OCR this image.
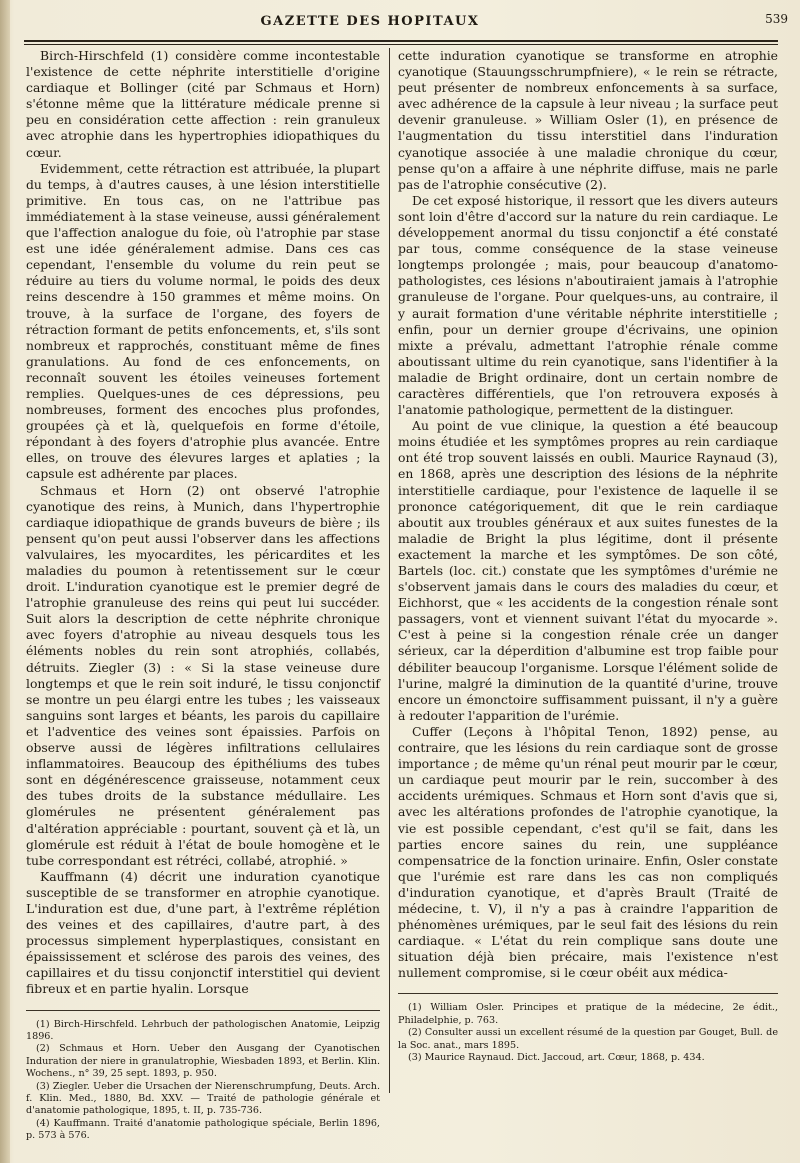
GAZETTE DES HOPITAUX	539

Birch-Hirschfeld (1) considère comme incontestable l'existence de cette néphrite interstitielle d'origine cardiaque et Bollinger (cité par Schmaus et Horn) s'étonne même que la littérature médicale prenne si peu en considération cette affection : rein granuleux avec atrophie dans les hypertrophies idiopathiques du cœur.

Evidemment, cette rétraction est attribuée, la plupart du temps, à d'autres causes, à une lésion interstitielle primitive. En tous cas, on ne l'attribue pas immédiatement à la stase veineuse, aussi généralement que l'affection analogue du foie, où l'atrophie par stase est une idée généralement admise. Dans ces cas cependant, l'ensemble du volume du rein peut se réduire au tiers du volume normal, le poids des deux reins descendre à 150 grammes et même moins. On trouve, à la surface de l'organe, des foyers de rétraction formant de petits enfoncements, et, s'ils sont nombreux et rapprochés, constituant même de fines granulations. Au fond de ces enfoncements, on reconnaît souvent les étoiles veineuses fortement remplies. Quelques-unes de ces dépressions, peu nombreuses, forment des encoches plus profondes, groupées çà et là, quelquefois en forme d'étoile, répondant à des foyers d'atrophie plus avancée. Entre elles, on trouve des élevures larges et aplaties ; la capsule est adhérente par places.

Schmaus et Horn (2) ont observé l'atrophie cyanotique des reins, à Munich, dans l'hypertrophie cardiaque idiopathique de grands buveurs de bière ; ils pensent qu'on peut aussi l'observer dans les affections valvulaires, les myocardites, les péricardites et les maladies du poumon à retentissement sur le cœur droit. L'induration cyanotique est le premier degré de l'atrophie granuleuse des reins qui peut lui succéder. Suit alors la description de cette néphrite chronique avec foyers d'atrophie au niveau desquels tous les éléments nobles du rein sont atrophiés, collabés, détruits. Ziegler (3) : « Si la stase veineuse dure longtemps et que le rein soit induré, le tissu conjonctif se montre un peu élargi entre les tubes ; les vaisseaux sanguins sont larges et béants, les parois du capillaire et l'adventice des veines sont épaissies. Parfois on observe aussi de légères infiltrations cellulaires inflammatoires. Beaucoup des épithéliums des tubes sont en dégénérescence graisseuse, notamment ceux des tubes droits de la substance médullaire. Les glomérules ne présentent généralement pas d'altération appréciable : pourtant, souvent çà et là, un glomérule est réduit à l'état de boule homogène et le tube correspondant est rétréci, collabé, atrophié. »

Kauffmann (4) décrit une induration cyanotique susceptible de se transformer en atrophie cyanotique. L'induration est due, d'une part, à l'extrême réplétion des veines et des capillaires, d'autre part, à des processus simplement hyperplastiques, consistant en épaississement et sclérose des parois des veines, des capillaires et du tissu conjonctif interstitiel qui devient fibreux et en partie hyalin. Lorsque

(1) Birch-Hirschfeld. Lehrbuch der pathologischen Anatomie, Leipzig 1896.

(2) Schmaus et Horn. Ueber den Ausgang der Cyanotischen Induration der niere in granulatrophie, Wiesbaden 1893, et Berlin. Klin. Wochens., n° 39, 25 sept. 1893, p. 950.

(3) Ziegler. Ueber die Ursachen der Nierenschrumpfung, Deuts. Arch. f. Klin. Med., 1880, Bd. XXV. — Traité de pathologie générale et d'anatomie pathologique, 1895, t. II, p. 735-736.

(4) Kauffmann. Traité d'anatomie pathologique spéciale, Berlin 1896, p. 573 à 576.

cette induration cyanotique se transforme en atrophie cyanotique (Stauungsschrumpfniere), « le rein se rétracte, peut présenter de nombreux enfoncements à sa surface, avec adhérence de la capsule à leur niveau ; la surface peut devenir granuleuse. » William Osler (1), en présence de l'augmentation du tissu interstitiel dans l'induration cyanotique associée à une maladie chronique du cœur, pense qu'on a affaire à une néphrite diffuse, mais ne parle pas de l'atrophie consécutive (2).

De cet exposé historique, il ressort que les divers auteurs sont loin d'être d'accord sur la nature du rein cardiaque. Le développement anormal du tissu conjonctif a été constaté par tous, comme conséquence de la stase veineuse longtemps prolongée ; mais, pour beaucoup d'anatomo-pathologistes, ces lésions n'aboutiraient jamais à l'atrophie granuleuse de l'organe. Pour quelques-uns, au contraire, il y aurait formation d'une véritable néphrite interstitielle ; enfin, pour un dernier groupe d'écrivains, une opinion mixte a prévalu, admettant l'atrophie rénale comme aboutissant ultime du rein cyanotique, sans l'identifier à la maladie de Bright ordinaire, dont un certain nombre de caractères différentiels, que l'on retrouvera exposés à l'anatomie pathologique, permettent de la distinguer.

Au point de vue clinique, la question a été beaucoup moins étudiée et les symptômes propres au rein cardiaque ont été trop souvent laissés en oubli. Maurice Raynaud (3), en 1868, après une description des lésions de la néphrite interstitielle cardiaque, pour l'existence de laquelle il se prononce catégoriquement, dit que le rein cardiaque aboutit aux troubles généraux et aux suites funestes de la maladie de Bright la plus légitime, dont il présente exactement la marche et les symptômes. De son côté, Bartels (loc. cit.) constate que les symptômes d'urémie ne s'observent jamais dans le cours des maladies du cœur, et Eichhorst, que « les accidents de la congestion rénale sont passagers, vont et viennent suivant l'état du myocarde ». C'est à peine si la congestion rénale crée un danger sérieux, car la déperdition d'albumine est trop faible pour débiliter beaucoup l'organisme. Lorsque l'élément solide de l'urine, malgré la diminution de la quantité d'urine, trouve encore un émonctoire suffisamment puissant, il n'y a guère à redouter l'apparition de l'urémie.

Cuffer (Leçons à l'hôpital Tenon, 1892) pense, au contraire, que les lésions du rein cardiaque sont de grosse importance ; de même qu'un rénal peut mourir par le cœur, un cardiaque peut mourir par le rein, succomber à des accidents urémiques. Schmaus et Horn sont d'avis que si, avec les altérations profondes de l'atrophie cyanotique, la vie est possible cependant, c'est qu'il se fait, dans les parties encore saines du rein, une suppléance compensatrice de la fonction urinaire. Enfin, Osler constate que l'urémie est rare dans les cas non compliqués d'induration cyanotique, et d'après Brault (Traité de médecine, t. V), il n'y a pas à craindre l'apparition de phénomènes urémiques, par le seul fait des lésions du rein cardiaque. « L'état du rein complique sans doute une situation déjà bien précaire, mais l'existence n'est nullement compromise, si le cœur obéit aux médica-

(1) William Osler. Principes et pratique de la médecine, 2e édit., Philadelphie, p. 763.

(2) Consulter aussi un excellent résumé de la question par Gouget, Bull. de la Soc. anat., mars 1895.

(3) Maurice Raynaud. Dict. Jaccoud, art. Cœur, 1868, p. 434.
